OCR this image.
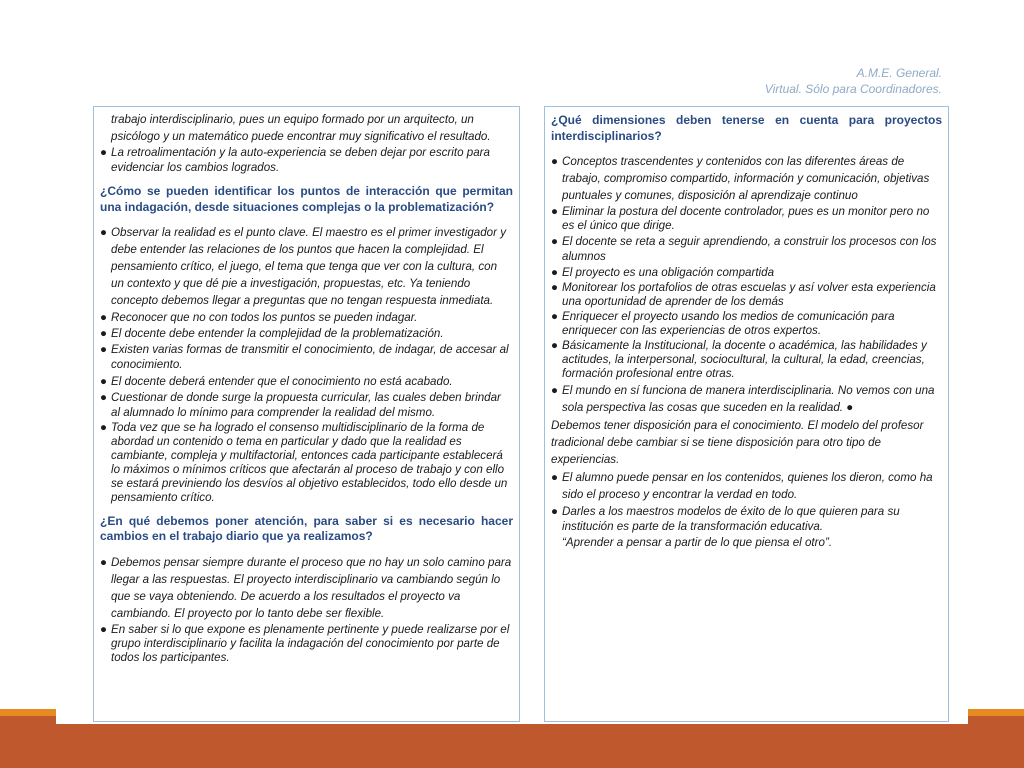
A.M.E. General.
Virtual. Sólo para Coordinadores.

trabajo interdisciplinario, pues un equipo formado por un arquitecto, un psicólogo y un matemático puede encontrar muy significativo el resultado.

● La retroalimentación y la auto-experiencia se deben dejar por escrito para evidenciar los cambios logrados.

¿Cómo se pueden identificar los puntos de interacción que permitan una indagación, desde situaciones complejas o la problematización?

● Observar la realidad es el punto clave. El maestro es el primer investigador y debe entender las relaciones de los puntos que hacen la complejidad. El pensamiento crítico, el juego, el tema que tenga que ver con la cultura, con un contexto y que dé pie a investigación, propuestas, etc. Ya teniendo concepto debemos llegar a preguntas que no tengan respuesta inmediata.
● Reconocer que no con todos los puntos se pueden indagar.
● El docente debe entender la complejidad de la problematización.
● Existen varias formas de transmitir el conocimiento, de indagar, de accesar al conocimiento.
● El docente deberá entender que el conocimiento no está acabado.
● Cuestionar de donde surge la propuesta curricular, las cuales deben brindar al alumnado lo mínimo para comprender la realidad del mismo.
● Toda vez que se ha logrado el consenso multidisciplinario de la forma de abordad un contenido o tema en particular y dado que la realidad es cambiante, compleja y multifactorial, entonces cada participante establecerá lo máximos o mínimos críticos que afectarán al proceso de trabajo y con ello se estará previniendo los desvíos al objetivo establecidos, todo ello desde un pensamiento crítico.

¿En qué debemos poner atención, para saber si es necesario hacer cambios en el trabajo diario que ya realizamos?

● Debemos pensar siempre durante el proceso que no hay un solo camino para llegar a las respuestas. El proyecto interdisciplinario va cambiando según lo que se vaya obteniendo. De acuerdo a los resultados el proyecto va cambiando. El proyecto por lo tanto debe ser flexible.
● En saber si lo que expone es plenamente pertinente y puede realizarse por el grupo interdisciplinario y facilita la indagación del conocimiento por parte de todos los participantes.

¿Qué dimensiones deben tenerse en cuenta para proyectos interdisciplinarios?

● Conceptos trascendentes y contenidos con las diferentes áreas de trabajo, compromiso compartido, información y comunicación, objetivas puntuales y comunes, disposición al aprendizaje continuo
● Eliminar la postura del docente controlador, pues es un monitor pero no es el único que dirige.
● El docente se reta a seguir aprendiendo, a construir los procesos con los alumnos
● El proyecto es una obligación compartida
● Monitorear los portafolios de otras escuelas y así volver esta experiencia una oportunidad de aprender de los demás
● Enriquecer el proyecto usando los medios de comunicación para enriquecer con las experiencias de otros expertos.
● Básicamente la Institucional, la docente o académica, las habilidades y actitudes, la interpersonal, sociocultural, la cultural, la edad, creencias, formación profesional entre otras.
● El mundo en sí funciona de manera interdisciplinaria. No vemos con una sola perspectiva las cosas que suceden en la realidad. ●

Debemos tener disposición para el conocimiento. El modelo del profesor tradicional debe cambiar si se tiene disposición para otro tipo de experiencias.

● El alumno puede pensar en los contenidos, quienes los dieron, como ha sido el proceso y encontrar la verdad en todo.
● Darles a los maestros modelos de éxito de lo que quieren para su institución es parte de la transformación educativa.

“Aprender a pensar a partir de lo que piensa el otro”.
